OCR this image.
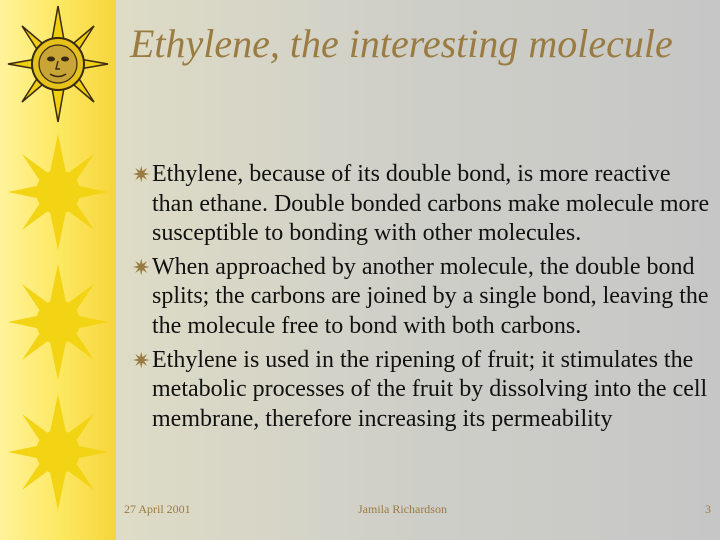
Ethylene, the interesting molecule
✷ Ethylene, because of its double bond, is more reactive than ethane. Double bonded carbons make molecule more susceptible to bonding with other molecules.
✷ When approached by another molecule, the double bond splits; the carbons are joined by a single bond, leaving the the molecule free to bond with both carbons.
✷ Ethylene is used in the ripening of fruit; it stimulates the metabolic processes of the fruit by dissolving into the cell membrane, therefore increasing its permeability
27 April 2001	Jamila Richardson	3
